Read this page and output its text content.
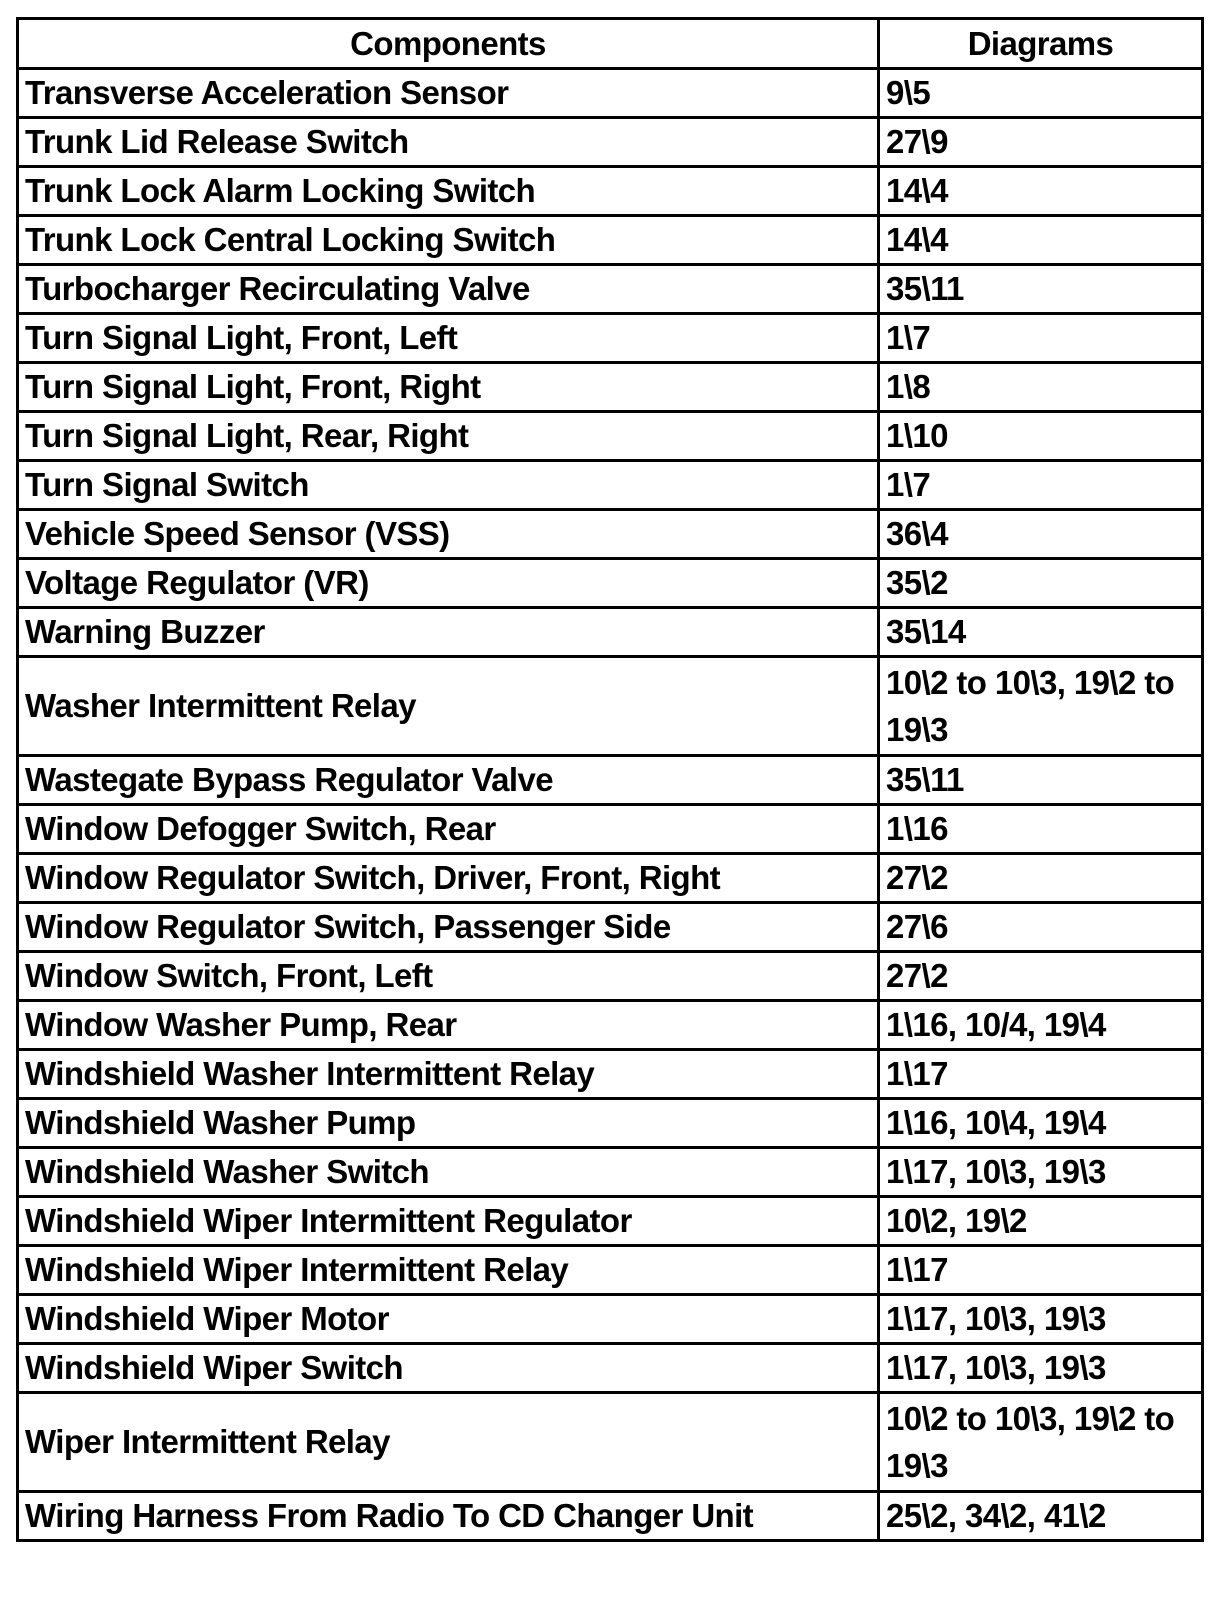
Components	Diagrams
Transverse Acceleration Sensor	9\5
Trunk Lid Release Switch	27\9
Trunk Lock Alarm Locking Switch	14\4
Trunk Lock Central Locking Switch	14\4
Turbocharger Recirculating Valve	35\11
Turn Signal Light, Front, Left	1\7
Turn Signal Light, Front, Right	1\8
Turn Signal Light, Rear, Right	1\10
Turn Signal Switch	1\7
Vehicle Speed Sensor (VSS)	36\4
Voltage Regulator (VR)	35\2
Warning Buzzer	35\14
Washer Intermittent Relay	10\2 to 10\3, 19\2 to 19\3
Wastegate Bypass Regulator Valve	35\11
Window Defogger Switch, Rear	1\16
Window Regulator Switch, Driver, Front, Right	27\2
Window Regulator Switch, Passenger Side	27\6
Window Switch, Front, Left	27\2
Window Washer Pump, Rear	1\16, 10/4, 19\4
Windshield Washer Intermittent Relay	1\17
Windshield Washer Pump	1\16, 10\4, 19\4
Windshield Washer Switch	1\17, 10\3, 19\3
Windshield Wiper Intermittent Regulator	10\2, 19\2
Windshield Wiper Intermittent Relay	1\17
Windshield Wiper Motor	1\17, 10\3, 19\3
Windshield Wiper Switch	1\17, 10\3, 19\3
Wiper Intermittent Relay	10\2 to 10\3, 19\2 to 19\3
Wiring Harness From Radio To CD Changer Unit	25\2, 34\2, 41\2
